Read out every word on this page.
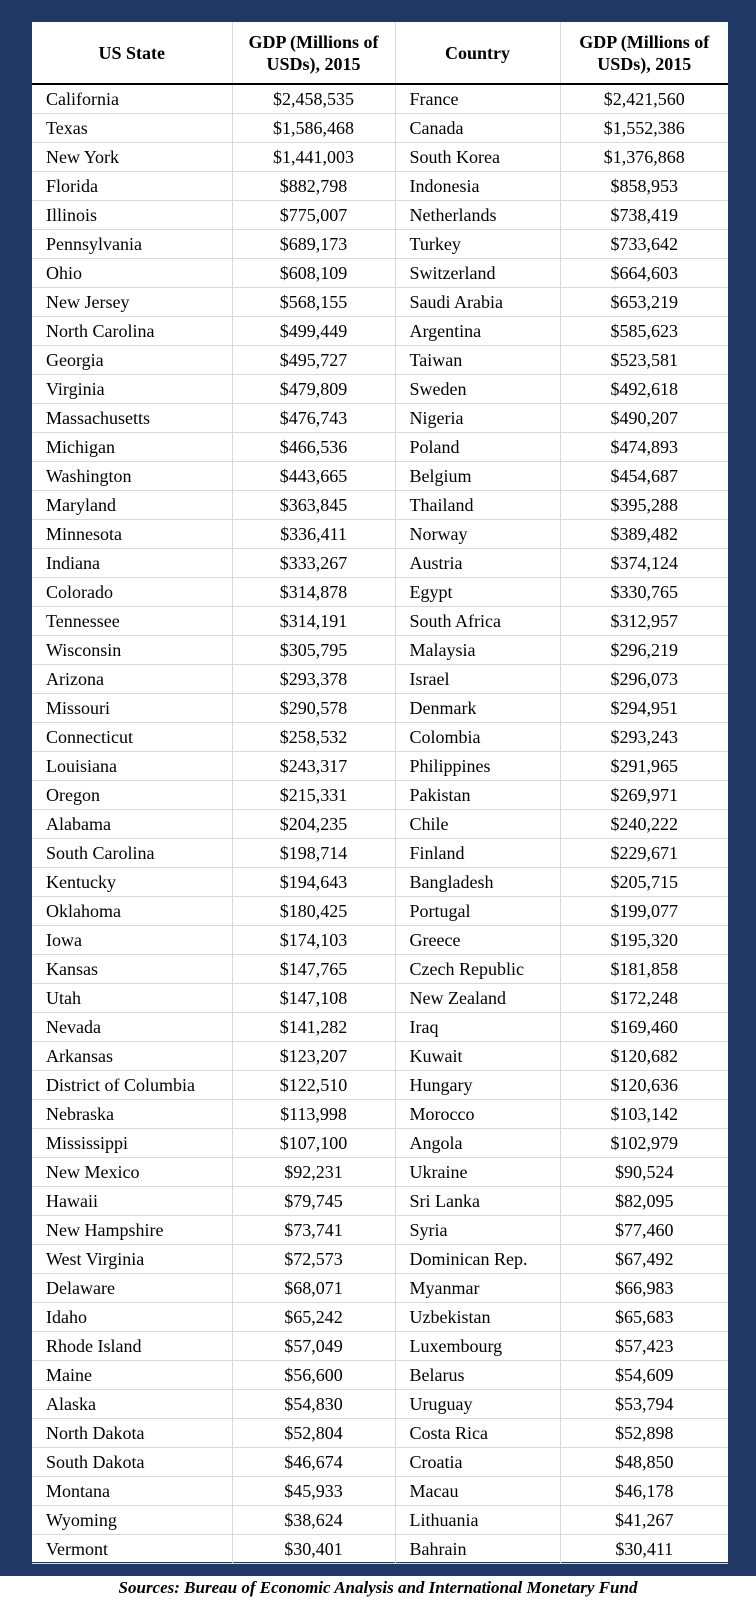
US State	GDP (Millions of USDs), 2015	Country	GDP (Millions of USDs), 2015
California	$2,458,535	France	$2,421,560
Texas	$1,586,468	Canada	$1,552,386
New York	$1,441,003	South Korea	$1,376,868
Florida	$882,798	Indonesia	$858,953
Illinois	$775,007	Netherlands	$738,419
Pennsylvania	$689,173	Turkey	$733,642
Ohio	$608,109	Switzerland	$664,603
New Jersey	$568,155	Saudi Arabia	$653,219
North Carolina	$499,449	Argentina	$585,623
Georgia	$495,727	Taiwan	$523,581
Virginia	$479,809	Sweden	$492,618
Massachusetts	$476,743	Nigeria	$490,207
Michigan	$466,536	Poland	$474,893
Washington	$443,665	Belgium	$454,687
Maryland	$363,845	Thailand	$395,288
Minnesota	$336,411	Norway	$389,482
Indiana	$333,267	Austria	$374,124
Colorado	$314,878	Egypt	$330,765
Tennessee	$314,191	South Africa	$312,957
Wisconsin	$305,795	Malaysia	$296,219
Arizona	$293,378	Israel	$296,073
Missouri	$290,578	Denmark	$294,951
Connecticut	$258,532	Colombia	$293,243
Louisiana	$243,317	Philippines	$291,965
Oregon	$215,331	Pakistan	$269,971
Alabama	$204,235	Chile	$240,222
South Carolina	$198,714	Finland	$229,671
Kentucky	$194,643	Bangladesh	$205,715
Oklahoma	$180,425	Portugal	$199,077
Iowa	$174,103	Greece	$195,320
Kansas	$147,765	Czech Republic	$181,858
Utah	$147,108	New Zealand	$172,248
Nevada	$141,282	Iraq	$169,460
Arkansas	$123,207	Kuwait	$120,682
District of Columbia	$122,510	Hungary	$120,636
Nebraska	$113,998	Morocco	$103,142
Mississippi	$107,100	Angola	$102,979
New Mexico	$92,231	Ukraine	$90,524
Hawaii	$79,745	Sri Lanka	$82,095
New Hampshire	$73,741	Syria	$77,460
West Virginia	$72,573	Dominican Rep.	$67,492
Delaware	$68,071	Myanmar	$66,983
Idaho	$65,242	Uzbekistan	$65,683
Rhode Island	$57,049	Luxembourg	$57,423
Maine	$56,600	Belarus	$54,609
Alaska	$54,830	Uruguay	$53,794
North Dakota	$52,804	Costa Rica	$52,898
South Dakota	$46,674	Croatia	$48,850
Montana	$45,933	Macau	$46,178
Wyoming	$38,624	Lithuania	$41,267
Vermont	$30,401	Bahrain	$30,411
Sources: Bureau of Economic Analysis and International Monetary Fund
